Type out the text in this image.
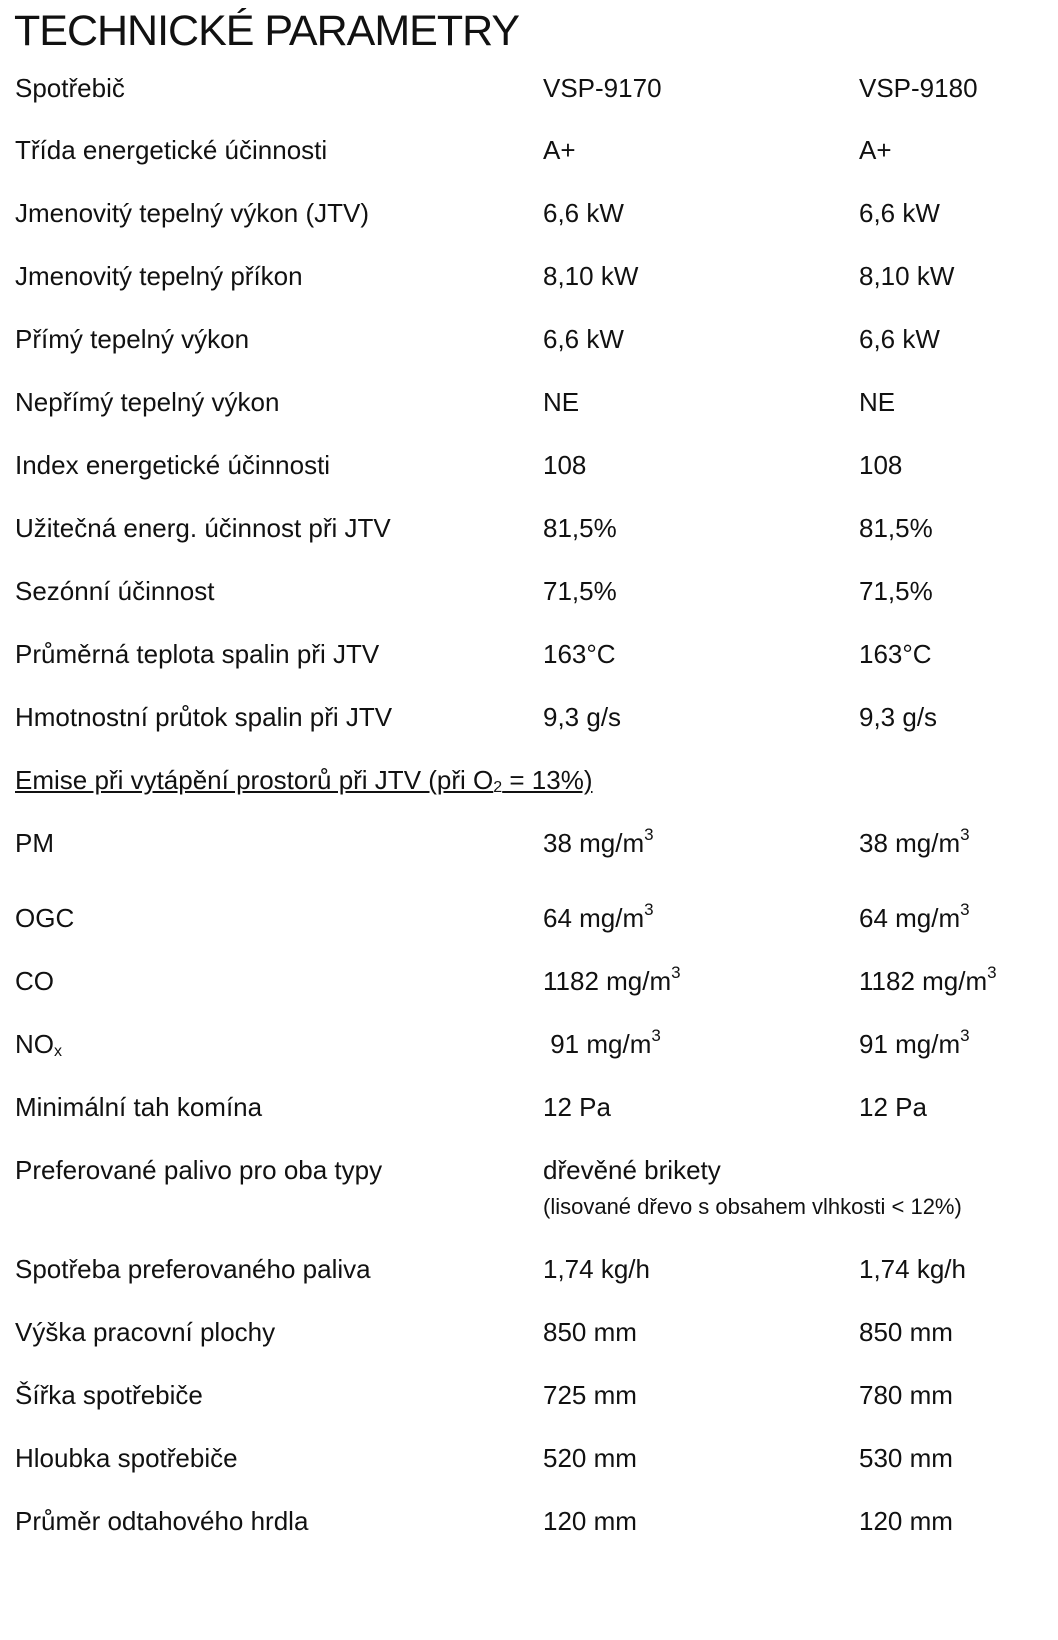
TECHNICKÉ PARAMETRY
Spotřebič	VSP-9170	VSP-9180
Třída energetické účinnosti	A+	A+
Jmenovitý tepelný výkon (JTV)	6,6 kW	6,6 kW
Jmenovitý tepelný příkon	8,10 kW	8,10 kW
Přímý tepelný výkon	6,6 kW	6,6 kW
Nepřímý tepelný výkon	NE	NE
Index energetické účinnosti	108	108
Užitečná energ. účinnost při JTV	81,5%	81,5%
Sezónní účinnost	71,5%	71,5%
Průměrná teplota spalin při JTV	163°C	163°C
Hmotnostní průtok spalin při JTV	9,3 g/s	9,3 g/s
Emise při vytápění prostorů při JTV (při $O_2 = 13\%$)
PM	38 $mg/m^3$	38 $mg/m^3$
OGC	64 $mg/m^3$	64 $mg/m^3$
CO	1182 $mg/m^3$	1182 $mg/m^3$
$NO_x$	91 $mg/m^3$	91 $mg/m^3$
Minimální tah komína	12 Pa	12 Pa
Preferované palivo pro oba typy	dřevěné brikety
(lisované dřevo s obsahem vlhkosti < 12%)
Spotřeba preferovaného paliva	1,74 kg/h	1,74 kg/h
Výška pracovní plochy	850 mm	850 mm
Šířka spotřebiče	725 mm	780 mm
Hloubka spotřebiče	520 mm	530 mm
Průměr odtahového hrdla	120 mm	120 mm
